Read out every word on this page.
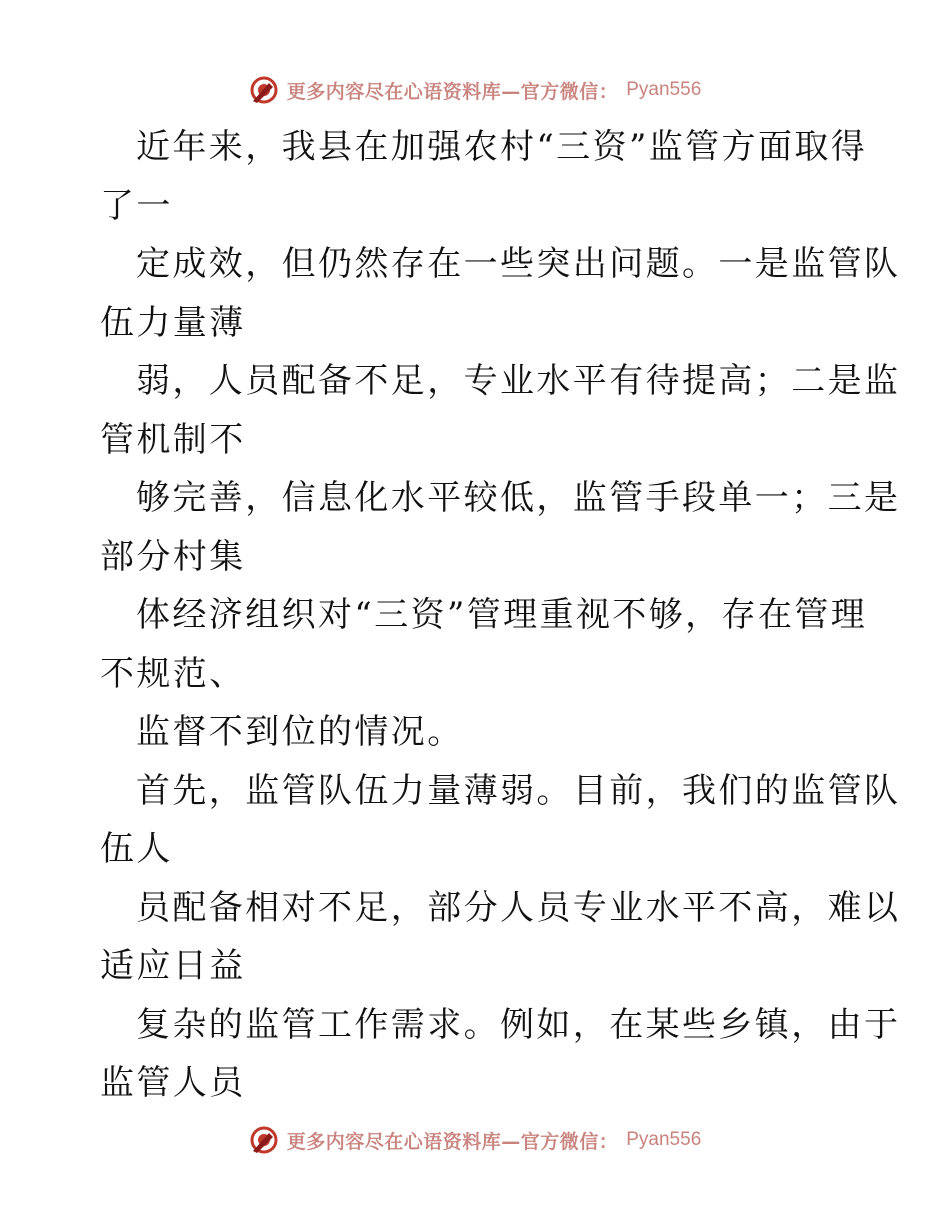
更多内容尽在心语资料库—官方微信： Pyan556
近年来，我县在加强农村“三资”监管方面取得
了一
定成效，但仍然存在一些突出问题。一是监管队
伍力量薄
弱，人员配备不足，专业水平有待提高；二是监
管机制不
够完善，信息化水平较低，监管手段单一；三是
部分村集
体经济组织对“三资”管理重视不够，存在管理
不规范、
监督不到位的情况。
首先，监管队伍力量薄弱。目前，我们的监管队
伍人
员配备相对不足，部分人员专业水平不高，难以
适应日益
复杂的监管工作需求。例如，在某些乡镇，由于
监管人员
更多内容尽在心语资料库—官方微信： Pyan556
